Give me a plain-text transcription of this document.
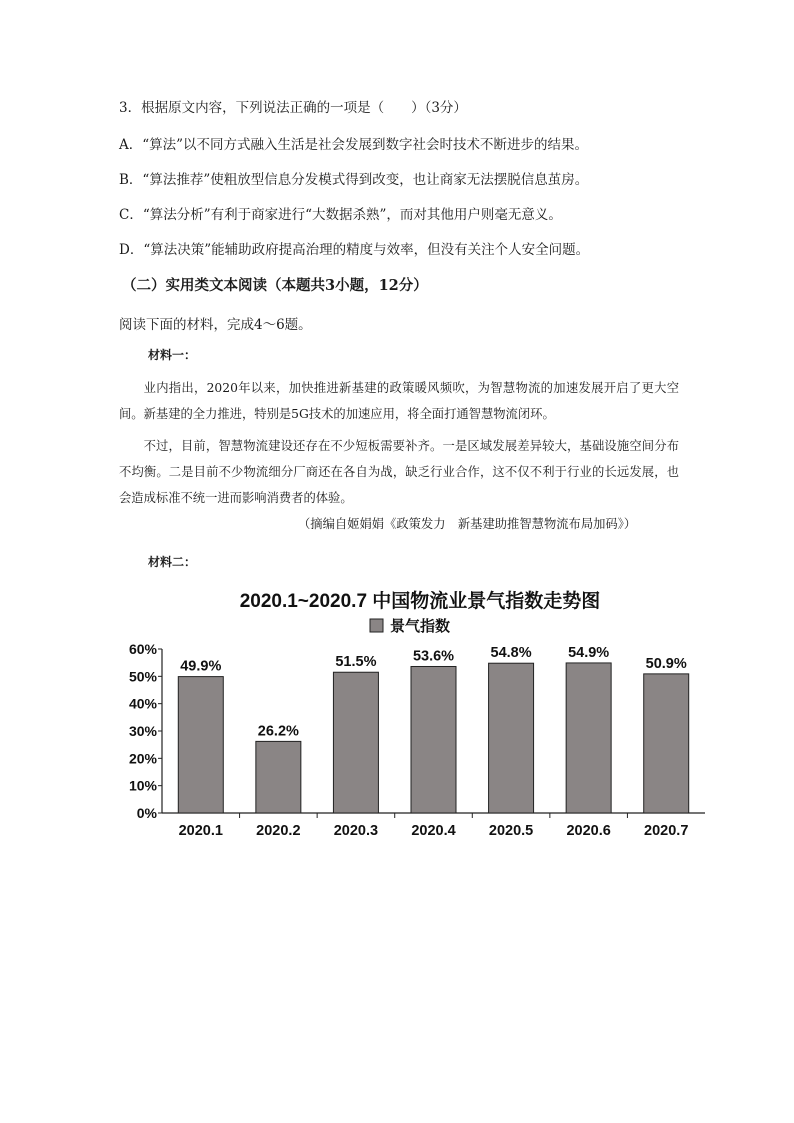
3．根据原文内容，下列说法正确的一项是（　　）（3分）
A．“算法”以不同方式融入生活是社会发展到数字社会时技术不断进步的结果。
B．“算法推荐”使粗放型信息分发模式得到改变，也让商家无法摆脱信息茧房。
C．“算法分析”有利于商家进行“大数据杀熟”，而对其他用户则毫无意义。
D．“算法决策”能辅助政府提高治理的精度与效率，但没有关注个人安全问题。
（二）实用类文本阅读（本题共3小题，12分）
阅读下面的材料，完成4～6题。
材料一：
业内指出，2020年以来，加快推进新基建的政策暖风频吹，为智慧物流的加速发展开启了更大空间。新基建的全力推进，特别是5G技术的加速应用，将全面打通智慧物流闭环。
不过，目前，智慧物流建设还存在不少短板需要补齐。一是区域发展差异较大，基础设施空间分布不均衡。二是目前不少物流细分厂商还在各自为战，缺乏行业合作，这不仅不利于行业的长远发展，也会造成标准不统一进而影响消费者的体验。
（摘编自姬娟娟《政策发力　新基建助推智慧物流布局加码》）
材料二：
2020.1~2020.7 中国物流业景气指数走势图
景气指数
0%
10%
20%
30%
40%
50%
60%
49.9%
2020.1
26.2%
2020.2
51.5%
2020.3
53.6%
2020.4
54.8%
2020.5
54.9%
2020.6
50.9%
2020.7
